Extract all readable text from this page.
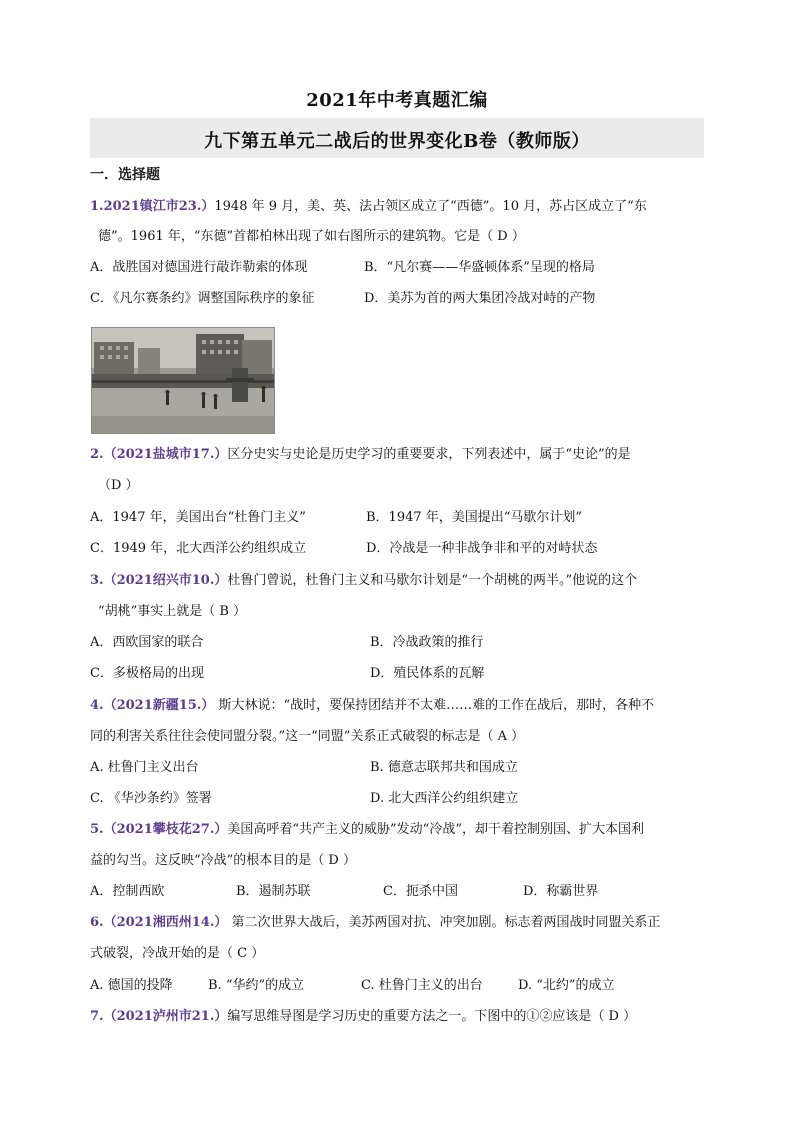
2021年中考真题汇编
九下第五单元二战后的世界变化B卷（教师版）
一．选择题
1.2021镇江市23.）1948 年 9 月，美、英、法占领区成立了“西德”。10 月，苏占区成立了“东
德”。1961 年，“东德”首都柏林出现了如右图所示的建筑物。它是（ D ）
A．战胜国对德国进行敲诈勒索的体现	B．“凡尔赛——华盛顿体系”呈现的格局
C．《凡尔赛条约》调整国际秩序的象征	D．美苏为首的两大集团冷战对峙的产物
2.（2021盐城市17.）区分史实与史论是历史学习的重要要求，下列表述中，属于“史论”的是
（D ）
A．1947 年，美国出台“杜鲁门主义”	B．1947 年，美国提出“马歇尔计划”
C．1949 年，北大西洋公约组织成立	D．冷战是一种非战争非和平的对峙状态
3.（2021绍兴市10.）杜鲁门曾说，杜鲁门主义和马歇尔计划是“一个胡桃的两半。”他说的这个
“胡桃”事实上就是（ B ）
A．西欧国家的联合	B．冷战政策的推行
C．多极格局的出现	D．殖民体系的瓦解
4.（2021新疆15.） 斯大林说：“战时，要保持团结并不太难……难的工作在战后，那时，各种不
同的利害关系往往会使同盟分裂。”这一“同盟”关系正式破裂的标志是（ A ）
A. 杜鲁门主义出台	B. 德意志联邦共和国成立
C. 《华沙条约》签署	D. 北大西洋公约组织建立
5.（2021攀枝花27.）美国高呼着“共产主义的威胁”发动“冷战”，却干着控制别国、扩大本国利
益的勾当。这反映“冷战”的根本目的是（ D ）
A．控制西欧	B．遏制苏联	C．扼杀中国	D．称霸世界
6.（2021湘西州14.） 第二次世界大战后，美苏两国对抗、冲突加剧。标志着两国战时同盟关系正
式破裂，冷战开始的是（ C ）
A. 德国的投降	B. “华约”的成立	C. 杜鲁门主义的出台	D. “北约”的成立
7.（2021泸州市21.）编写思维导图是学习历史的重要方法之一。下图中的①②应该是（ D ）
